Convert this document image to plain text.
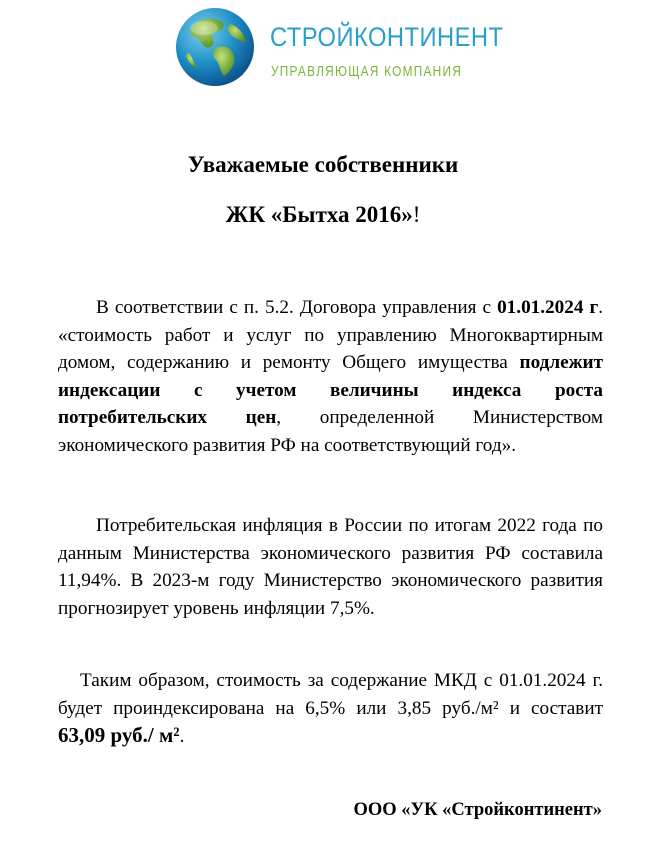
СТРОЙКОНТИНЕНТ
УПРАВЛЯЮЩАЯ КОМПАНИЯ
Уважаемые собственники
ЖК «Бытха 2016»!

В соответствии с п. 5.2. Договора управления с 01.01.2024 г. «стоимость работ и услуг по управлению Многоквартирным домом, содержанию и ремонту Общего имущества подлежит индексации с учетом величины индекса роста потребительских цен, определенной Министерством экономического развития РФ на соответствующий год».

Потребительская инфляция в России по итогам 2022 года по данным Министерства экономического развития РФ составила 11,94%. В 2023-м году Министерство экономического развития прогнозирует уровень инфляции 7,5%.

Таким образом, стоимость за содержание МКД с 01.01.2024 г. будет проиндексирована на 6,5% или 3,85 руб./м² и составит 63,09 руб./ м².

ООО «УК «Стройконтинент»
